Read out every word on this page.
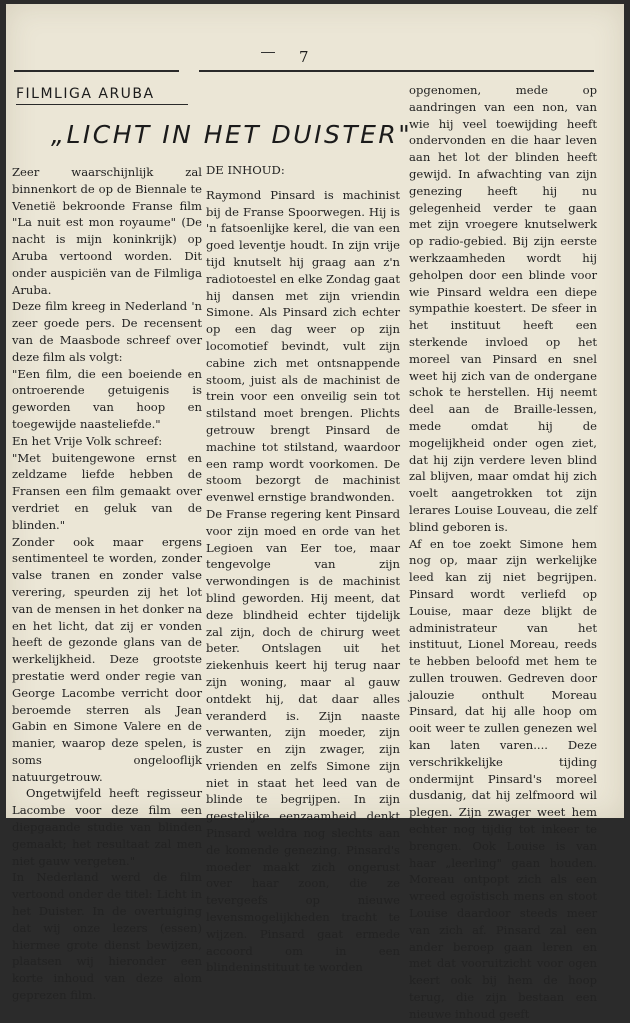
7
FILMLIGA ARUBA
„LICHT IN HET DUISTER"

Zeer waarschijnlijk zal binnenkort de op de Biennale te Venetië bekroonde Franse film "La nuit est mon royaume" (De nacht is mijn koninkrijk) op Aruba vertoond worden. Dit onder auspiciën van de Filmliga Aruba.

Deze film kreeg in Nederland 'n zeer goede pers. De recensent van de Maasbode schreef over deze film als volgt:

"Een film, die een boeiende en ontroerende getuigenis is geworden van hoop en toegewijde naasteliefde."

En het Vrije Volk schreef:

"Met buitengewone ernst en zeldzame liefde hebben de Fransen een film gemaakt over verdriet en geluk van de blinden."

Zonder ook maar ergens sentimenteel te worden, zonder valse tranen en zonder valse verering, speurden zij het lot van de mensen in het donker na en het licht, dat zij er vonden heeft de gezonde glans van de werkelijkheid. Deze grootste prestatie werd onder regie van George Lacombe verricht door beroemde sterren als Jean Gabin en Simone Valere en de manier, waarop deze spelen, is soms ongelooflijk natuurgetrouw.

Ongetwijfeld heeft regisseur Lacombe voor deze film een diepgaande studie van blinden gemaakt; het resultaat zal men niet gauw vergeten."

In Nederland werd de film vertoond onder de titel: Licht in het Duister. In de overtuiging dat wij onze lezers (essen) hiermee grote dienst bewijzen, plaatsen wij hieronder een korte inhoud van deze alom geprezen film.

DE INHOUD:

Raymond Pinsard is machinist bij de Franse Spoorwegen. Hij is 'n fatsoenlijke kerel, die van een goed leventje houdt. In zijn vrije tijd knutselt hij graag aan z'n radiotoestel en elke Zondag gaat hij dansen met zijn vriendin Simone. Als Pinsard zich echter op een dag weer op zijn locomotief bevindt, vult zijn cabine zich met ontsnappende stoom, juist als de machinist de trein voor een onveilig sein tot stilstand moet brengen. Plichts getrouw brengt Pinsard de machine tot stilstand, waardoor een ramp wordt voorkomen. De stoom bezorgt de machinist evenwel ernstige brandwonden.

De Franse regering kent Pinsard voor zijn moed en orde van het Legioen van Eer toe, maar tengevolge van zijn verwondingen is de machinist blind geworden. Hij meent, dat deze blindheid echter tijdelijk zal zijn, doch de chirurg weet beter. Ontslagen uit het ziekenhuis keert hij terug naar zijn woning, maar al gauw ontdekt hij, dat daar alles veranderd is. Zijn naaste verwanten, zijn moeder, zijn zuster en zijn zwager, zijn vrienden en zelfs Simone zijn niet in staat het leed van de blinde te begrijpen. In zijn geestelijke eenzaamheid denkt Pinsard weldra nog slechts aan de komende genezing. Pinsard's moeder maakt zich ongerust over haar zoon, die ze tevergeefs op nieuwe levensmogelijkheden tracht te wijzen. Pinsard gaat ermede accoord om in een blindeninstituut te worden

opgenomen, mede op aandringen van een non, van wie hij veel toewijding heeft ondervonden en die haar leven aan het lot der blinden heeft gewijd. In afwachting van zijn genezing heeft hij nu gelegenheid verder te gaan met zijn vroegere knutselwerk op radio-gebied. Bij zijn eerste werkzaamheden wordt hij geholpen door een blinde voor wie Pinsard weldra een diepe sympathie koestert. De sfeer in het instituut heeft een sterkende invloed op het moreel van Pinsard en snel weet hij zich van de ondergane schok te herstellen. Hij neemt deel aan de Braille-lessen, mede omdat hij de mogelijkheid onder ogen ziet, dat hij zijn verdere leven blind zal blijven, maar omdat hij zich voelt aangetrokken tot zijn lerares Louise Louveau, die zelf blind geboren is.

Af en toe zoekt Simone hem nog op, maar zijn werkelijke leed kan zij niet begrijpen. Pinsard wordt verliefd op Louise, maar deze blijkt de administrateur van het instituut, Lionel Moreau, reeds te hebben beloofd met hem te zullen trouwen. Gedreven door jalouzie onthult Moreau Pinsard, dat hij alle hoop om ooit weer te zullen genezen wel kan laten varen.... Deze verschrikkelijke tijding ondermijnt Pinsard's moreel dusdanig, dat hij zelfmoord wil plegen. Zijn zwager weet hem echter nog tijdig tot inkeer te brengen. Ook Louise is van haar „leerling" gaan houden. Moreau ontpopt zich als een wreed egoïstisch mens en stoot Louise daardoor steeds meer van zich af. Pinsard zal een ander beroep gaan leren en met dat vooruitzicht voor ogen keert ook bij hem de hoop terug, die zijn bestaan een nieuwe inhoud geeft
